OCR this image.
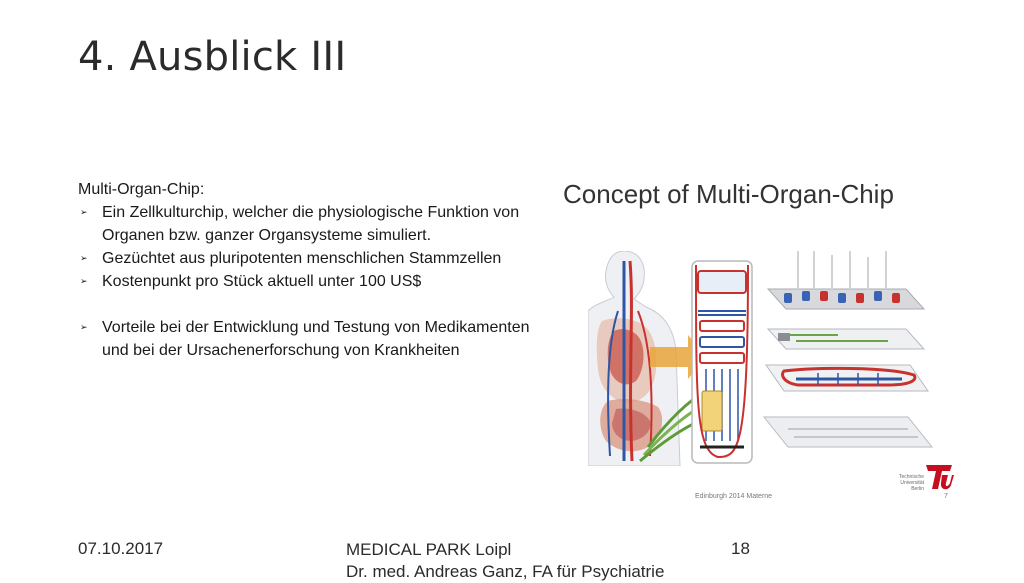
4. Ausblick III

Multi-Organ-Chip:

➢ Ein Zellkulturchip, welcher die physiologische Funktion von Organen bzw. ganzer Organsysteme simuliert.
➢ Gezüchtet aus pluripotenten menschlichen Stammzellen
➢ Kostenpunkt pro Stück aktuell unter 100 US$
➢ Vorteile bei der Entwicklung und Testung von Medikamenten und bei der Ursachenerforschung von Krankheiten

Concept of Multi-Organ-Chip

Technische
Universität
Berlin
Edinburgh 2014 Materne	7
07.10.2017	MEDICAL PARK Loipl
Dr. med. Andreas Ganz, FA für Psychiatrie
18
